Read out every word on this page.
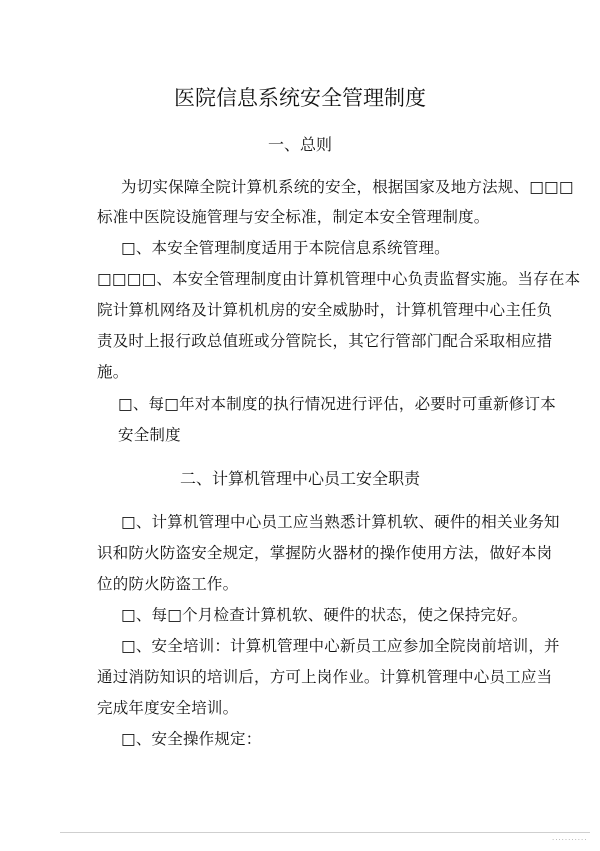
医院信息系统安全管理制度
一、总则
为切实保障全院计算机系统的安全，根据国家及地方法规、□□□
标准中医院设施管理与安全标准，制定本安全管理制度。
□、本安全管理制度适用于本院信息系统管理。
□□□□、本安全管理制度由计算机管理中心负责监督实施。当存在本
院计算机网络及计算机机房的安全威胁时，计算机管理中心主任负
责及时上报行政总值班或分管院长，其它行管部门配合采取相应措
施。
□、每□年对本制度的执行情况进行评估，必要时可重新修订本
安全制度
二、计算机管理中心员工安全职责
□、计算机管理中心员工应当熟悉计算机软、硬件的相关业务知
识和防火防盗安全规定，掌握防火器材的操作使用方法，做好本岗
位的防火防盗工作。
□、每□个月检查计算机软、硬件的状态，使之保持完好。
□、安全培训：计算机管理中心新员工应参加全院岗前培训，并
通过消防知识的培训后，方可上岗作业。计算机管理中心员工应当
完成年度安全培训。
□、安全操作规定：
···········
